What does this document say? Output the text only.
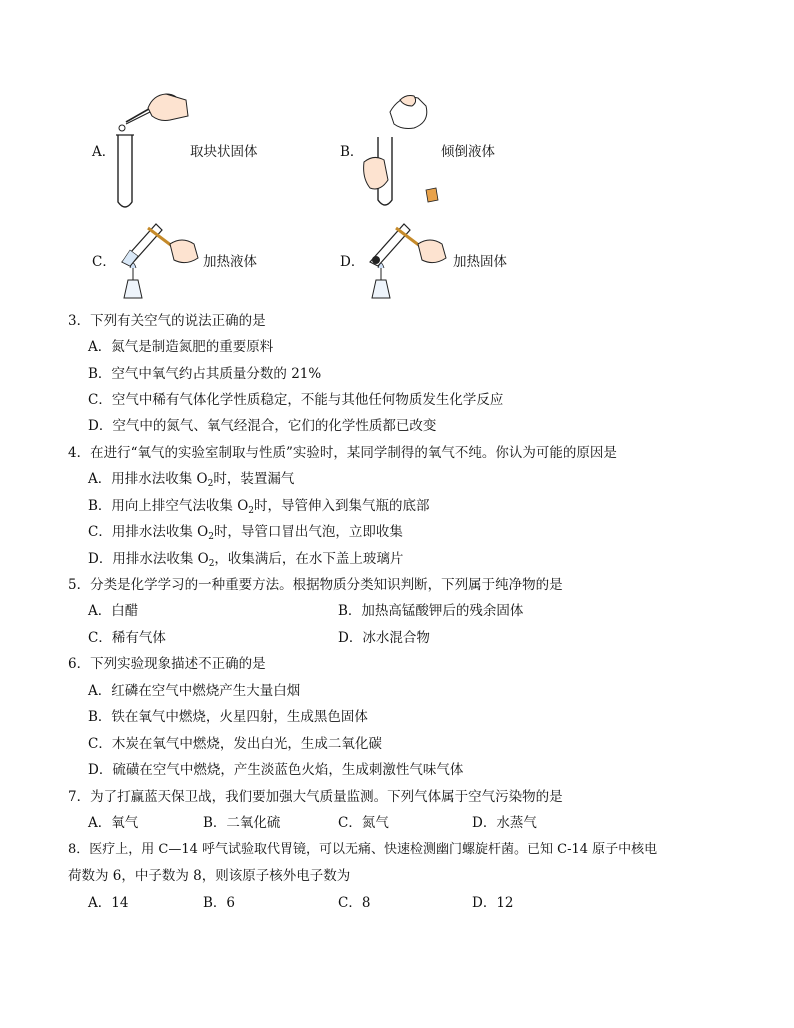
A．	取块状固体	B．	倾倒液体
C．	加热液体	D．	加热固体
3．下列有关空气的说法正确的是
A．氮气是制造氮肥的重要原料
B．空气中氧气约占其质量分数的 21%
C．空气中稀有气体化学性质稳定，不能与其他任何物质发生化学反应
D．空气中的氮气、氧气经混合，它们的化学性质都已改变
4．在进行“氧气的实验室制取与性质”实验时，某同学制得的氧气不纯。你认为可能的原因是
A．用排水法收集 $O_2$时，装置漏气
B．用向上排空气法收集 $O_2$时，导管伸入到集气瓶的底部
C．用排水法收集 $O_2$时，导管口冒出气泡，立即收集
D．用排水法收集 $O_2$，收集满后，在水下盖上玻璃片
5．分类是化学学习的一种重要方法。根据物质分类知识判断，下列属于纯净物的是
A．白醋	B．加热高锰酸钾后的残余固体
C．稀有气体	D．冰水混合物
6．下列实验现象描述不正确的是
A．红磷在空气中燃烧产生大量白烟
B．铁在氧气中燃烧，火星四射，生成黑色固体
C．木炭在氧气中燃烧，发出白光，生成二氧化碳
D．硫磺在空气中燃烧，产生淡蓝色火焰，生成刺激性气味气体
7．为了打赢蓝天保卫战，我们要加强大气质量监测。下列气体属于空气污染物的是
A．氧气	B．二氧化硫	C．氮气	D．水蒸气
8．医疗上，用 C—14 呼气试验取代胃镜，可以无痛、快速检测幽门螺旋杆菌。已知 C-14 原子中核电
荷数为 6，中子数为 8，则该原子核外电子数为
A．14	B．6	C．8	D．12
